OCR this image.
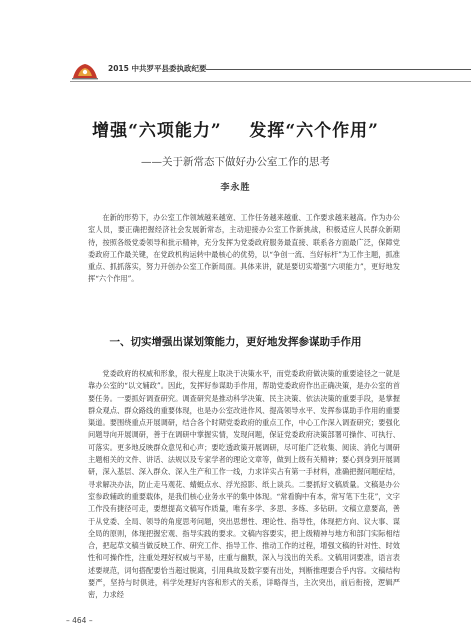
2015 中共罗平县委执政纪要
增强“六项能力”    发挥“六个作用”
——关于新常态下做好办公室工作的思考
李永胜

在新的形势下，办公室工作领域越来越宽、工作任务越来越重、工作要求越来越高。作为办公室人员，要正确把握经济社会发展新常态，主动迎接办公室工作新挑战，积极适应人民群众新期待，按照各级党委领导和批示精神，充分发挥为党委政府服务最直接、联系各方面最广泛，保障党委政府工作最关键，在党政机构运转中最核心的优势，以“争创一流、当好标杆”为工作主题，抓准重点、抓抓落实，努力开创办公室工作新局面。具体来讲，就是要切实增强“六项能力”，更好地发挥“六个作用”。

一、切实增强出谋划策能力，更好地发挥参谋助手作用

党委政府的权威和形象，很大程度上取决于决策水平，而党委政府做决策的重要途径之一就是靠办公室的“以文辅政”。因此，发挥好参谋助手作用，帮助党委政府作出正确决策，是办公室的首要任务。一要抓好调查研究。调查研究是推动科学决策、民主决策、依法决策的重要手段，是掌握群众观点、群众路线的重要体现，也是办公室改进作风、提高领导水平、发挥参谋助手作用的重要渠道。要围绕重点开展调研，结合各个时期党委政府的重点工作，中心工作深入调查研究；要强化问题导向开展调研，善于在调研中掌握实情，发现问题，保证党委政府决策部署可操作、可执行、可落实。更多地反映群众意见和心声；要吃透政策开展调研，尽可能广泛收集、阅读、消化与调研主题相关的文件、讲话、法规以及专家学者的理论文章等，做到上级有关精神；要心到身到开展调研，深入基层、深入群众、深入生产和工作一线，力求详实占有第一手材料，准确把握问题症结，寻求解决办法，防止走马观花、蜻蜓点水、浮光掠影、纸上谈兵。二要抓好文稿质量。文稿是办公室参政辅政的重要载体，是我们核心业务水平的集中体现。“常看胸中有本，常写笔下生花”，文字工作没有捷径可走，要想提高文稿写作质量，唯有多学、多思、多练、多钻研。文稿立意要高，善于从党委、全局、领导的角度思考问题，突出思想性、理论性、指导性，体现把方向、议大事、谋全局的原则，体现把握宏观、指导实践的要求。文稿内容要实，把上级精神与地方和部门实际相结合，把起草文稿当做反映工作、研究工作、指导工作、推动工作的过程，增强文稿的针对性、时效性和可操作性，注重处理好权威与平易，庄重与幽默，深入与浅出的关系。文稿用词要准，语言表述要规范，词句搭配要恰当超过脱离，引用典故及数字要有出处，判断推理要合乎内容。文稿结构要严，坚持与时俱进，科学处理好内容和形式的关系，详略得当，主次突出，前后衔接，逻辑严密，力求经

– 464 –
